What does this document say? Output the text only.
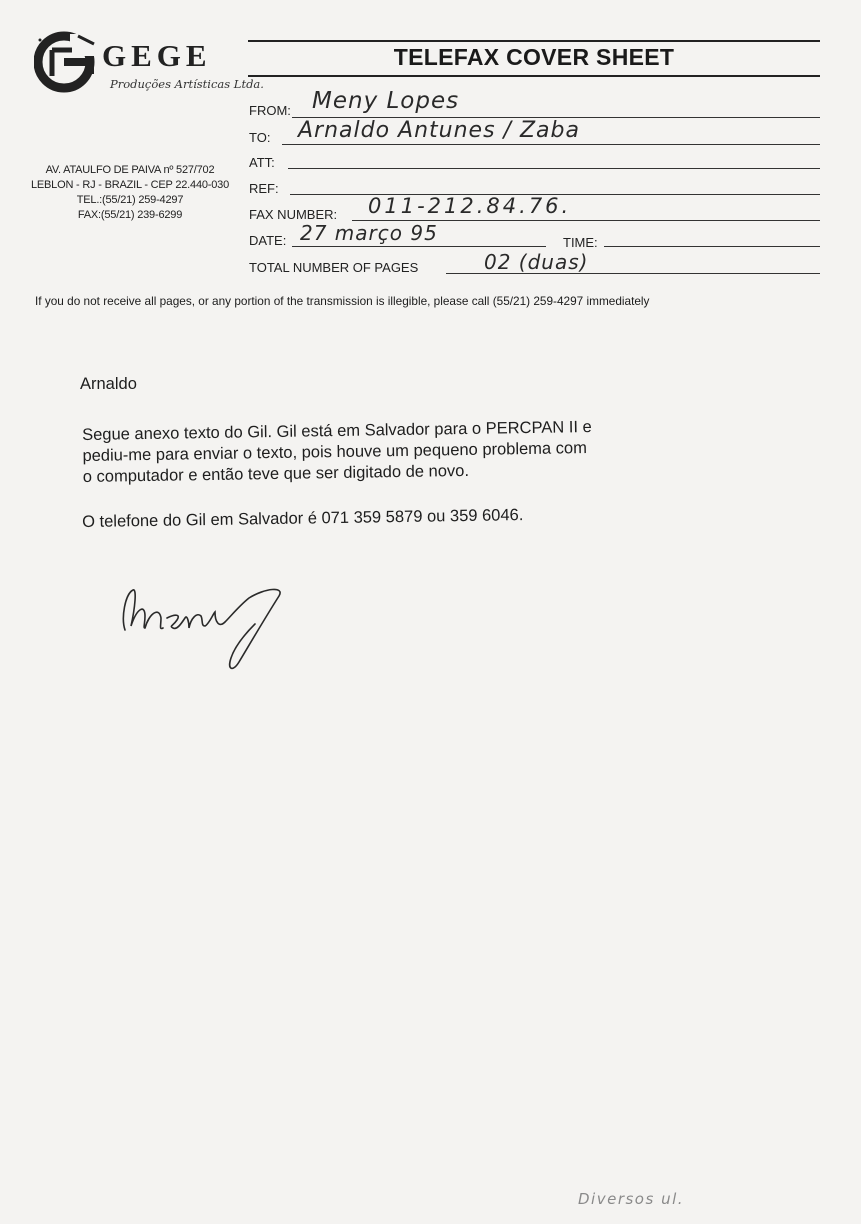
GEGE
Produções Artísticas Ltda.
AV. ATAULFO DE PAIVA nº 527/702
LEBLON - RJ - BRAZIL - CEP 22.440-030
TEL.:(55/21) 259-4297
FAX:(55/21) 239-6299
TELEFAX COVER SHEET
FROM: Meny Lopes
TO: Arnaldo Antunes / Zaba
ATT:
REF:
FAX NUMBER: 011-212.84.76.
DATE: 27 março 95	TIME:
TOTAL NUMBER OF PAGES	02 (duas)
If you do not receive all pages, or any portion of the transmission is illegible, please call (55/21) 259-4297 immediately
Arnaldo

Segue anexo texto do Gil. Gil está em Salvador para o PERCPAN II e

pediu-me para enviar o texto, pois houve um pequeno problema com

o computador e então teve que ser digitado de novo.

O telefone do Gil em Salvador é 071 359 5879 ou 359 6046.
Diversos ul.
